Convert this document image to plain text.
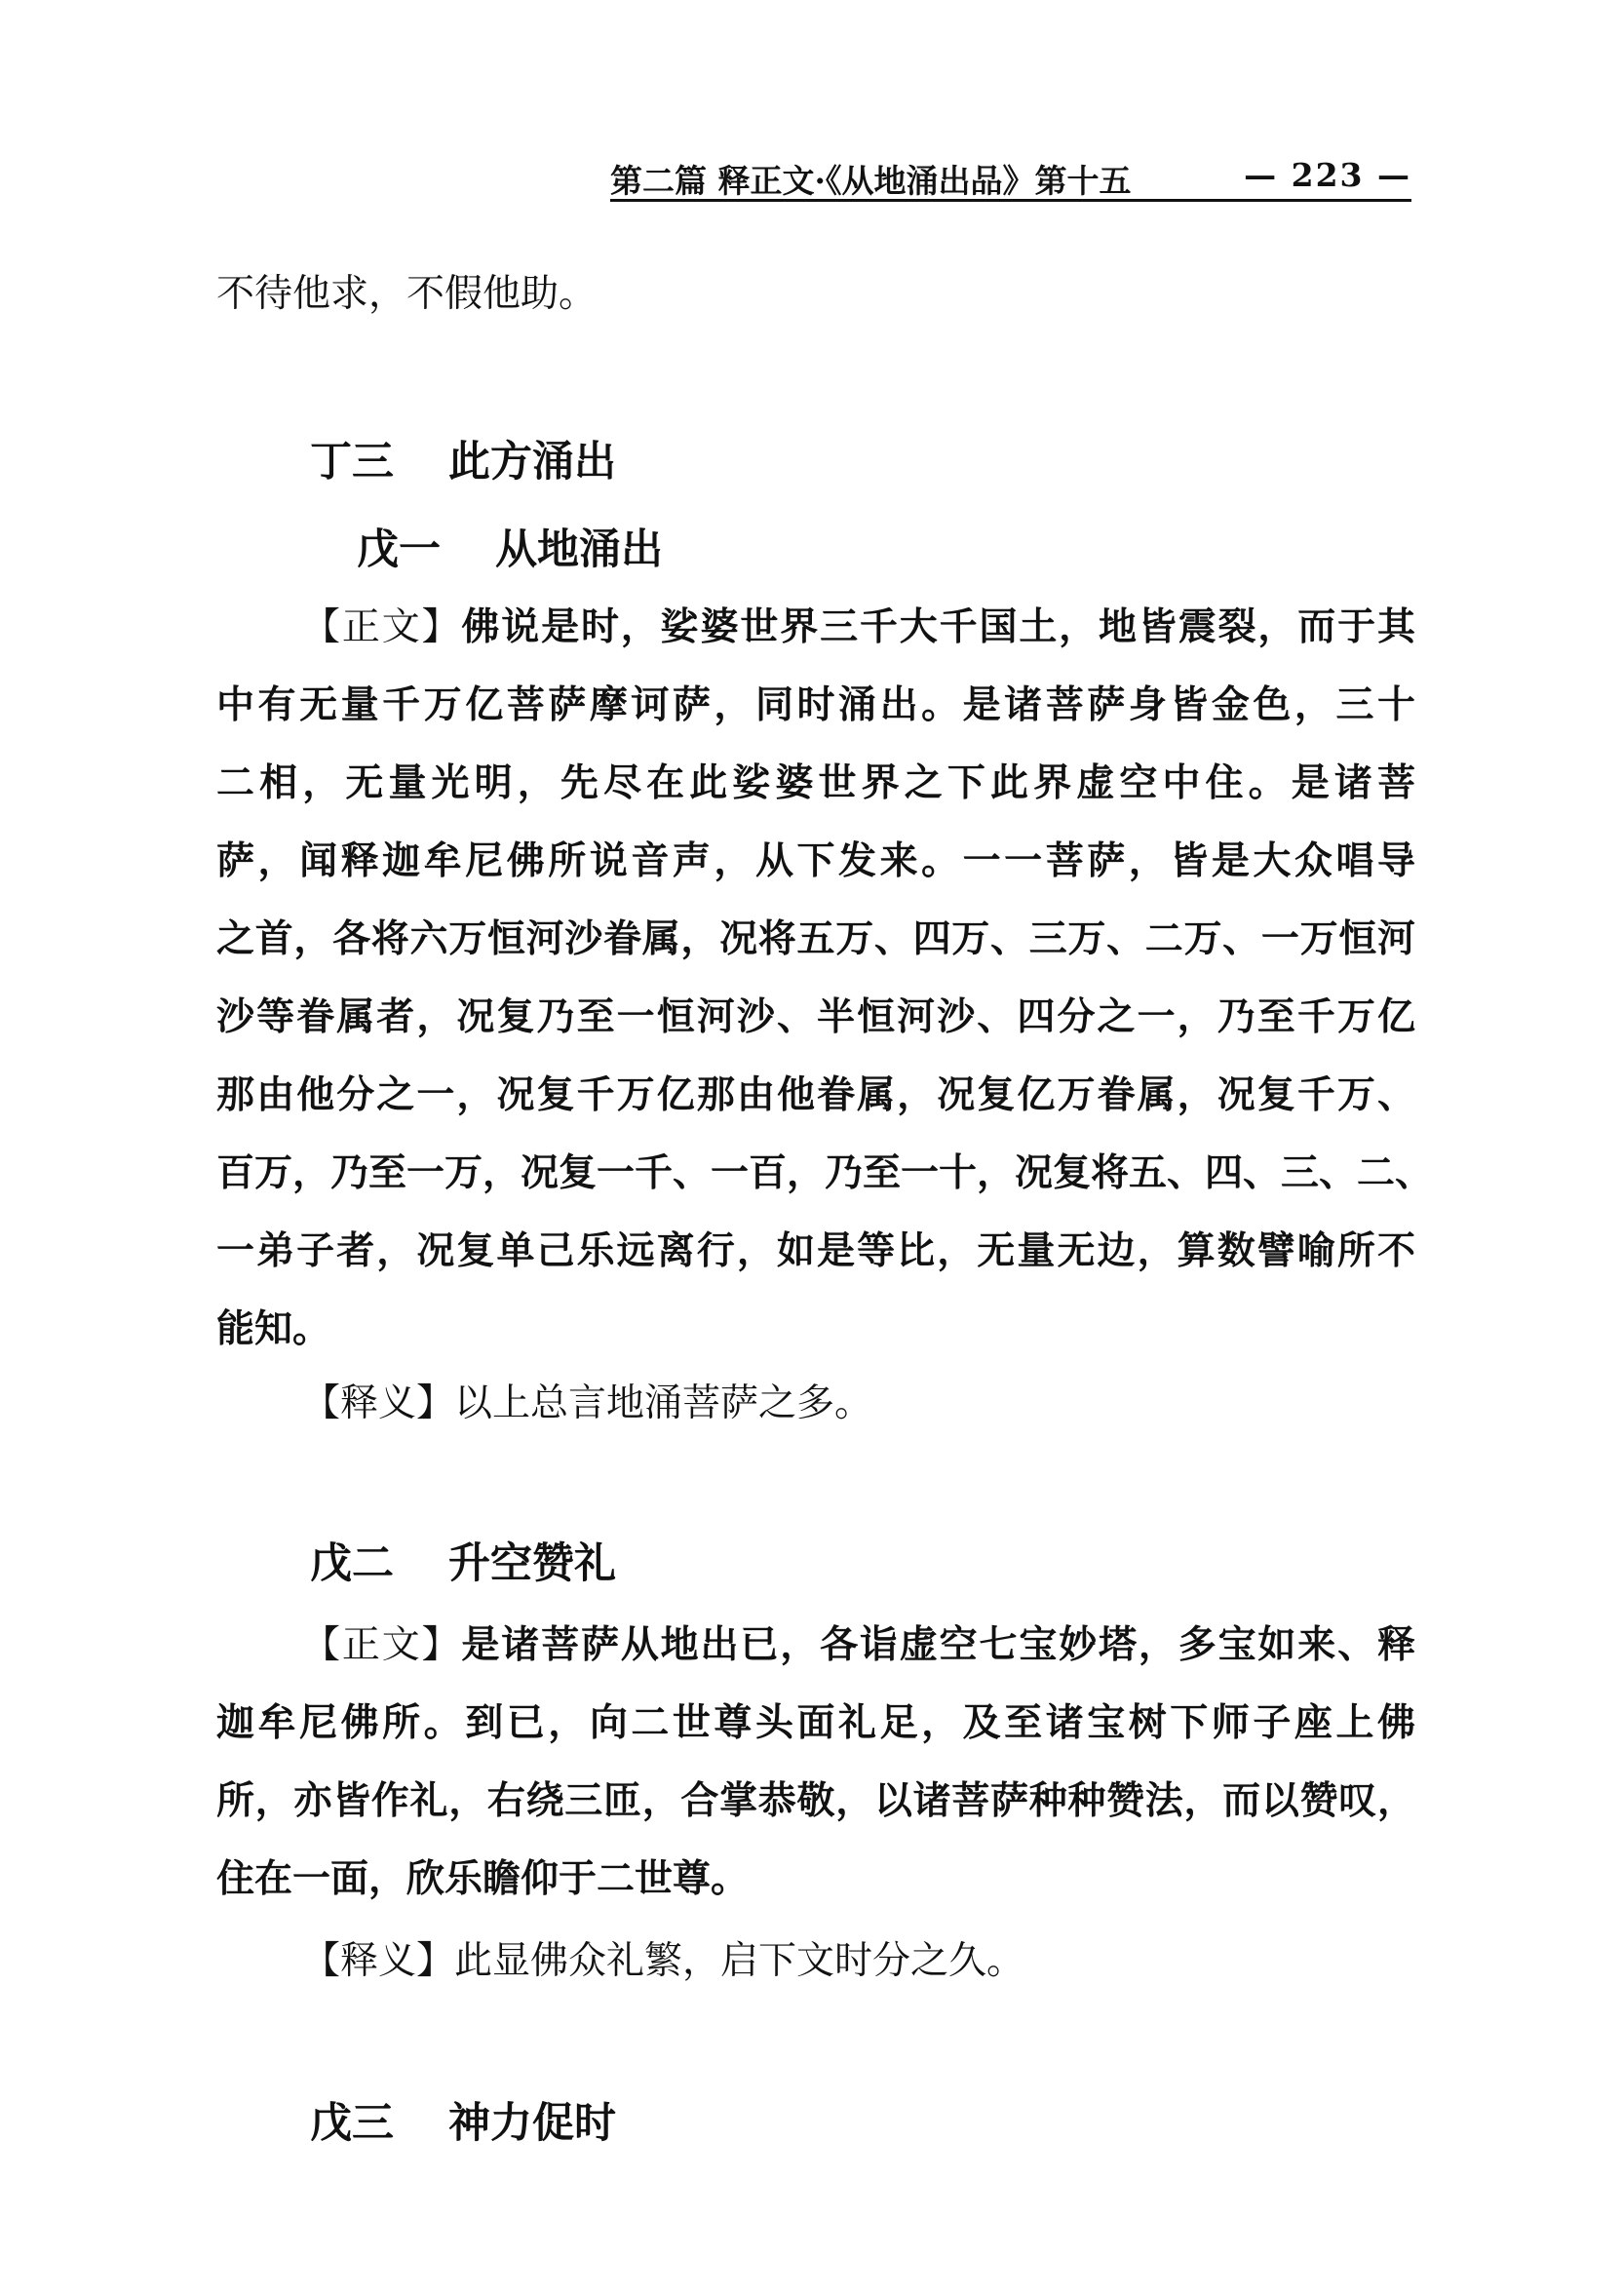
第二篇 释正文·《从地涌出品》第十五	— 223 —
不待他求，不假他助。
丁三 此方涌出
戊一 从地涌出
【正文】佛说是时，娑婆世界三千大千国土，地皆震裂，而于其
中有无量千万亿菩萨摩诃萨，同时涌出。是诸菩萨身皆金色，三十
二相，无量光明，先尽在此娑婆世界之下此界虚空中住。是诸菩
萨，闻释迦牟尼佛所说音声，从下发来。一一菩萨，皆是大众唱导
之首，各将六万恒河沙眷属，况将五万、四万、三万、二万、一万恒河
沙等眷属者，况复乃至一恒河沙、半恒河沙、四分之一，乃至千万亿
那由他分之一，况复千万亿那由他眷属，况复亿万眷属，况复千万、
百万，乃至一万，况复一千、一百，乃至一十，况复将五、四、三、二、
一弟子者，况复单己乐远离行，如是等比，无量无边，算数譬喻所不
能知。
【释义】以上总言地涌菩萨之多。
戊二 升空赞礼
【正文】是诸菩萨从地出已，各诣虚空七宝妙塔，多宝如来、释
迦牟尼佛所。到已，向二世尊头面礼足，及至诸宝树下师子座上佛
所，亦皆作礼，右绕三匝，合掌恭敬，以诸菩萨种种赞法，而以赞叹，
住在一面，欣乐瞻仰于二世尊。
【释义】此显佛众礼繁，启下文时分之久。
戊三 神力促时
